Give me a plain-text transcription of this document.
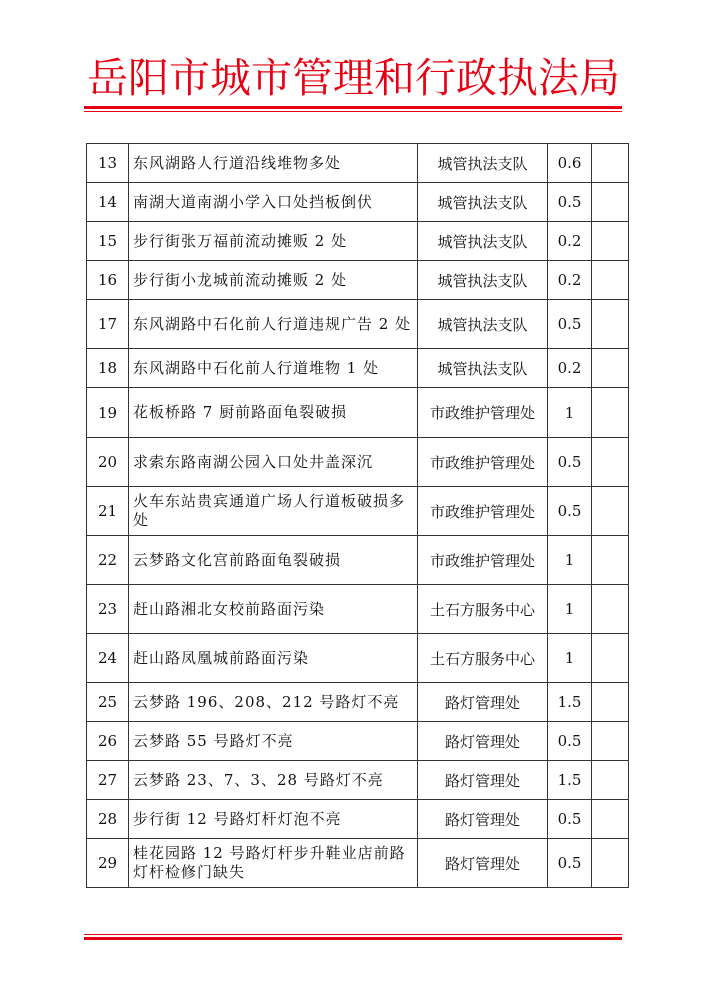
岳阳市城市管理和行政执法局
13	东风湖路人行道沿线堆物多处	城管执法支队	0.6	
14	南湖大道南湖小学入口处挡板倒伏	城管执法支队	0.5	
15	步行街张万福前流动摊贩 2 处	城管执法支队	0.2	
16	步行街小龙城前流动摊贩 2 处	城管执法支队	0.2	
17	东风湖路中石化前人行道违规广告 2 处	城管执法支队	0.5	
18	东风湖路中石化前人行道堆物 1 处	城管执法支队	0.2	
19	花板桥路 7 厨前路面龟裂破损	市政维护管理处	1	
20	求索东路南湖公园入口处井盖深沉	市政维护管理处	0.5	
21	火车东站贵宾通道广场人行道板破损多处	市政维护管理处	0.5	
22	云梦路文化宫前路面龟裂破损	市政维护管理处	1	
23	赶山路湘北女校前路面污染	土石方服务中心	1	
24	赶山路凤凰城前路面污染	土石方服务中心	1	
25	云梦路 196、208、212 号路灯不亮	路灯管理处	1.5	
26	云梦路 55 号路灯不亮	路灯管理处	0.5	
27	云梦路 23、7、3、28 号路灯不亮	路灯管理处	1.5	
28	步行街 12 号路灯杆灯泡不亮	路灯管理处	0.5	
29	桂花园路 12 号路灯杆步升鞋业店前路灯杆检修门缺失	路灯管理处	0.5	
